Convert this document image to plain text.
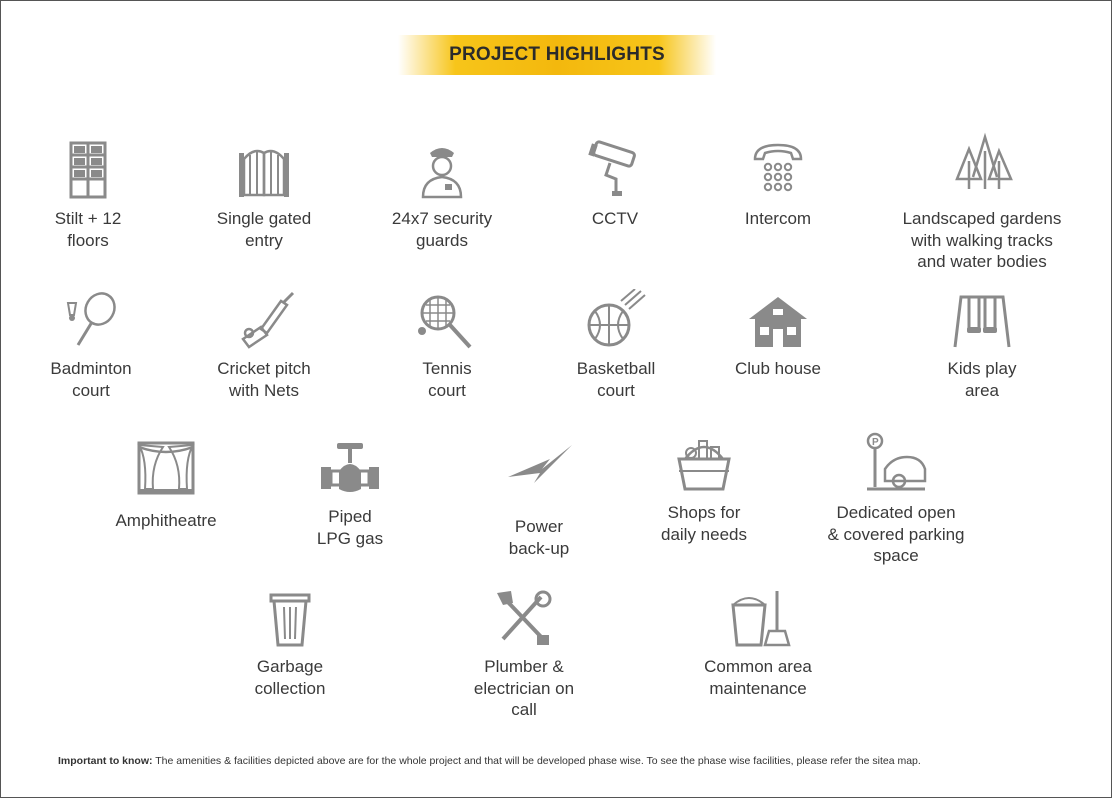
PROJECT HIGHLIGHTS
Stilt + 12
floors
Single gated
entry
24x7 security
guards
CCTV	Intercom	Landscaped gardens
with walking tracks
and water bodies
Badminton
court
Cricket pitch
with Nets
Tennis
court
Basketball
court
Club house	Kids play
area
Amphitheatre	Piped
LPG gas
Power
back-up
Shops for
daily needs
P
Dedicated open
& covered parking
space
Garbage
collection
Plumber &
electrician on
call
Common area
maintenance
Important to know: The amenities & facilities depicted above are for the whole project and that will be developed phase wise. To see the phase wise facilities, please refer the sitea map.
